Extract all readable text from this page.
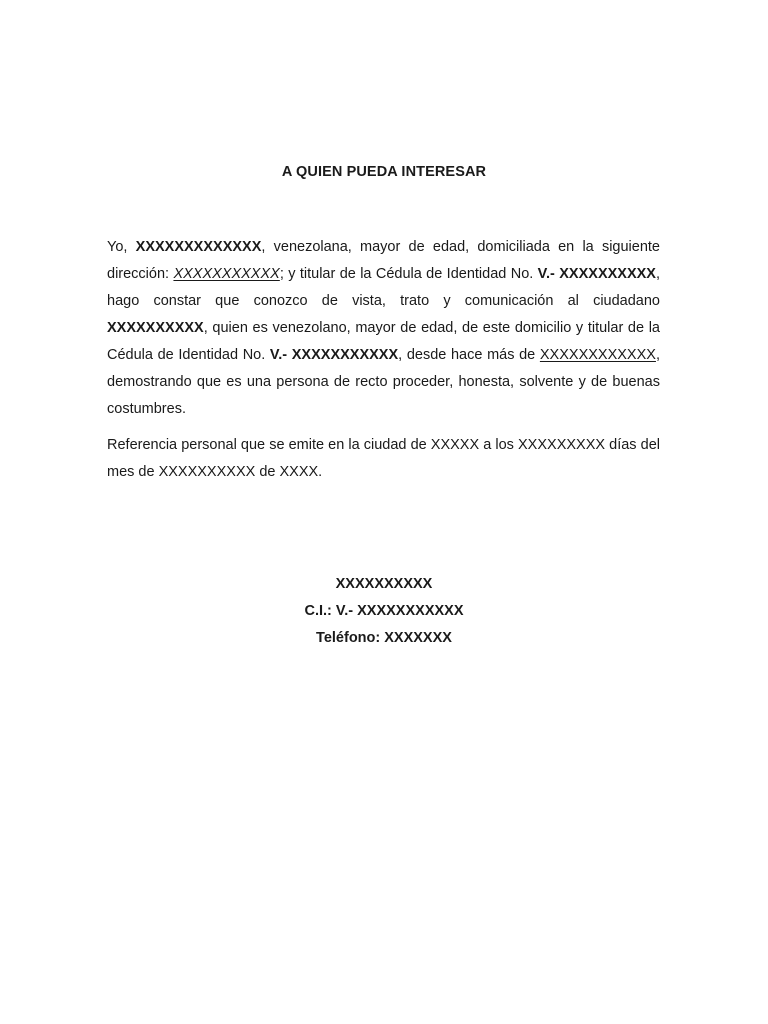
A QUIEN PUEDA INTERESAR

Yo, XXXXXXXXXXXXX, venezolana, mayor de edad, domiciliada en la siguiente dirección: XXXXXXXXXXX; y titular de la Cédula de Identidad No. V.- XXXXXXXXXX, hago constar que conozco de vista, trato y comunicación al ciudadano XXXXXXXXXX, quien es venezolano, mayor de edad, de este domicilio y titular de la Cédula de Identidad No. V.- XXXXXXXXXXX, desde hace más de XXXXXXXXXXXX, demostrando que es una persona de recto proceder, honesta, solvente y de buenas costumbres.

Referencia personal que se emite en la ciudad de XXXXX a los XXXXXXXXX días del mes de XXXXXXXXXX de XXXX.

XXXXXXXXXX
C.I.: V.- XXXXXXXXXXX
Teléfono: XXXXXXX
